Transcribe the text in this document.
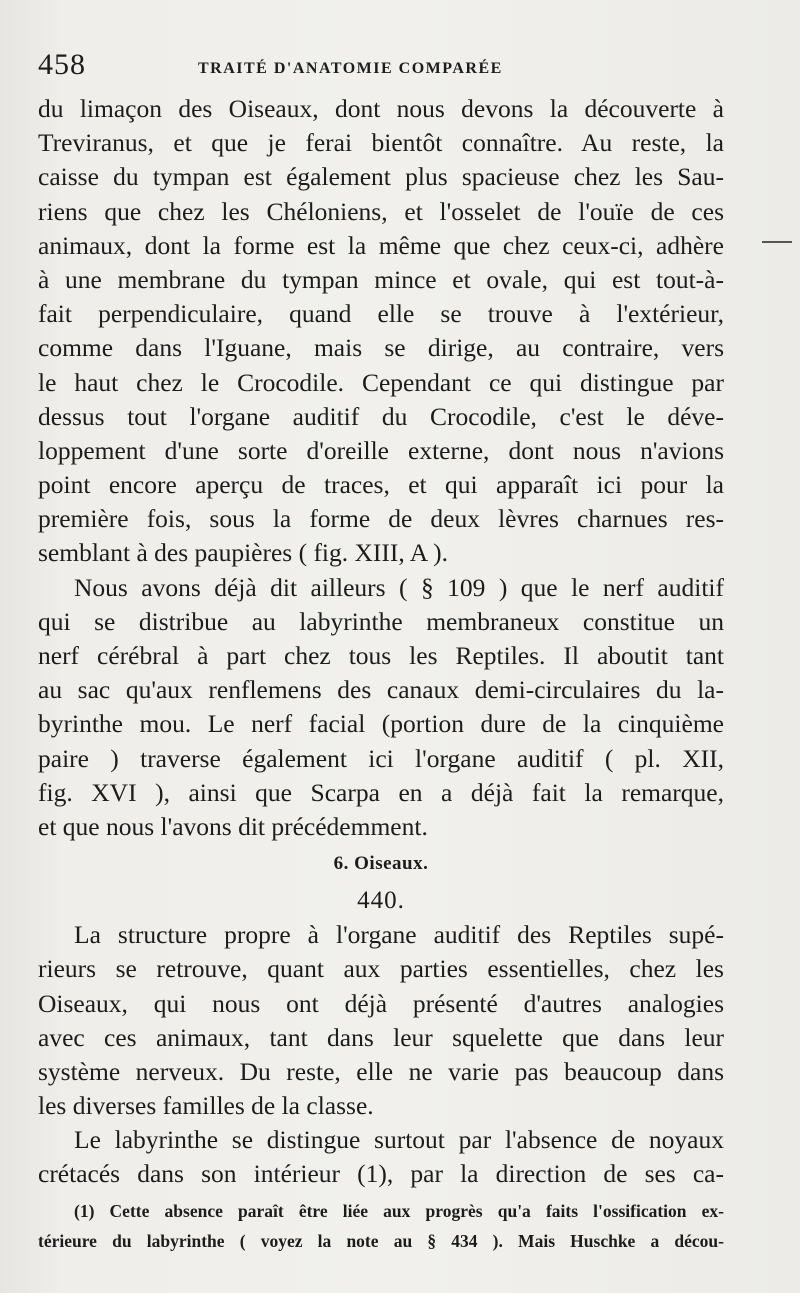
458	TRAITÉ D'ANATOMIE COMPARÉE
du limaçon des Oiseaux, dont nous devons la découverte à
Treviranus, et que je ferai bientôt connaître. Au reste, la
caisse du tympan est également plus spacieuse chez les Sau-
riens que chez les Chéloniens, et l'osselet de l'ouïe de ces
animaux, dont la forme est la même que chez ceux-ci, adhère
à une membrane du tympan mince et ovale, qui est tout-à-
fait perpendiculaire, quand elle se trouve à l'extérieur,
comme dans l'Iguane, mais se dirige, au contraire, vers
le haut chez le Crocodile. Cependant ce qui distingue par
dessus tout l'organe auditif du Crocodile, c'est le déve-
loppement d'une sorte d'oreille externe, dont nous n'avions
point encore aperçu de traces, et qui apparaît ici pour la
première fois, sous la forme de deux lèvres charnues res-
semblant à des paupières ( fig. XIII, A ).
Nous avons déjà dit ailleurs ( § 109 ) que le nerf auditif
qui se distribue au labyrinthe membraneux constitue un
nerf cérébral à part chez tous les Reptiles. Il aboutit tant
au sac qu'aux renflemens des canaux demi-circulaires du la-
byrinthe mou. Le nerf facial (portion dure de la cinquième
paire ) traverse également ici l'organe auditif ( pl. XII,
fig. XVI ), ainsi que Scarpa en a déjà fait la remarque,
et que nous l'avons dit précédemment.
6. Oiseaux.
440.
La structure propre à l'organe auditif des Reptiles supé-
rieurs se retrouve, quant aux parties essentielles, chez les
Oiseaux, qui nous ont déjà présenté d'autres analogies
avec ces animaux, tant dans leur squelette que dans leur
système nerveux. Du reste, elle ne varie pas beaucoup dans
les diverses familles de la classe.
Le labyrinthe se distingue surtout par l'absence de noyaux
crétacés dans son intérieur (1), par la direction de ses ca-
(1) Cette absence paraît être liée aux progrès qu'a faits l'ossification ex-
térieure du labyrinthe ( voyez la note au § 434 ). Mais Huschke a décou-
